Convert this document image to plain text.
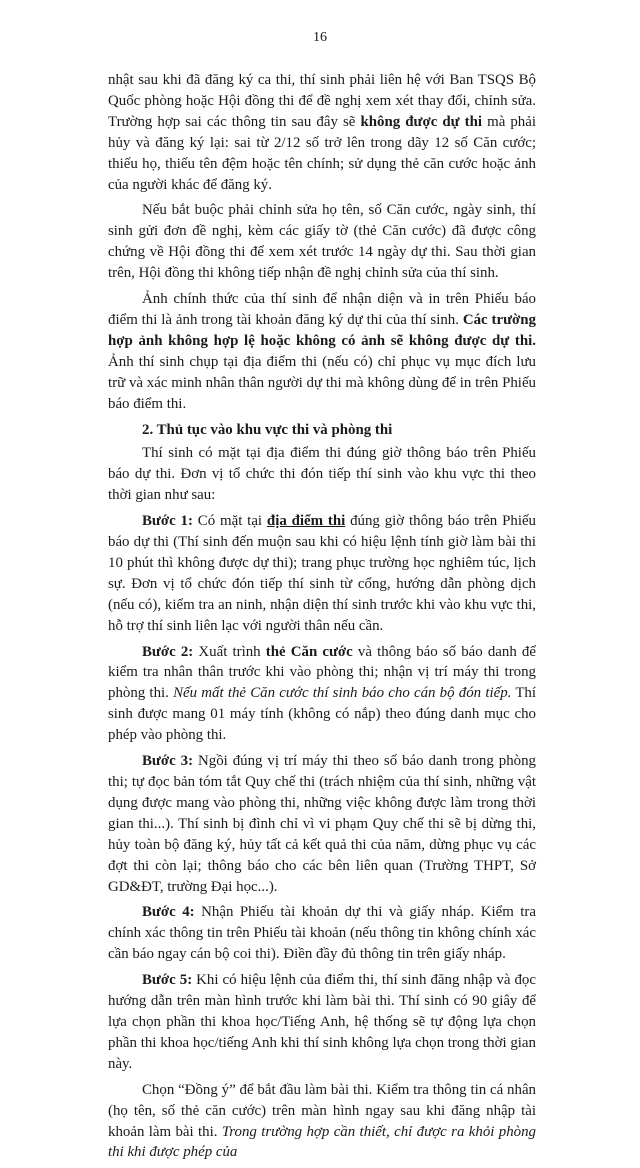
16

nhật sau khi đã đăng ký ca thi, thí sinh phải liên hệ với Ban TSQS Bộ Quốc phòng hoặc Hội đồng thi để đề nghị xem xét thay đổi, chỉnh sửa. Trường hợp sai các thông tin sau đây sẽ không được dự thi mà phải hủy và đăng ký lại: sai từ 2/12 số trở lên trong dãy 12 số Căn cước; thiếu họ, thiếu tên đệm hoặc tên chính; sử dụng thẻ căn cước hoặc ảnh của người khác để đăng ký.

Nếu bắt buộc phải chỉnh sửa họ tên, số Căn cước, ngày sinh, thí sinh gửi đơn đề nghị, kèm các giấy tờ (thẻ Căn cước) đã được công chứng về Hội đồng thi để xem xét trước 14 ngày dự thi. Sau thời gian trên, Hội đồng thi không tiếp nhận đề nghị chỉnh sửa của thí sinh.

Ảnh chính thức của thí sinh để nhận diện và in trên Phiếu báo điểm thi là ảnh trong tài khoản đăng ký dự thi của thí sinh. Các trường hợp ảnh không hợp lệ hoặc không có ảnh sẽ không được dự thi. Ảnh thí sinh chụp tại địa điểm thi (nếu có) chỉ phục vụ mục đích lưu trữ và xác minh nhân thân người dự thi mà không dùng để in trên Phiếu báo điểm thi.

2. Thủ tục vào khu vực thi và phòng thi

Thí sinh có mặt tại địa điểm thi đúng giờ thông báo trên Phiếu báo dự thi. Đơn vị tổ chức thi đón tiếp thí sinh vào khu vực thi theo thời gian như sau:

Bước 1: Có mặt tại địa điểm thi đúng giờ thông báo trên Phiếu báo dự thi (Thí sinh đến muộn sau khi có hiệu lệnh tính giờ làm bài thi 10 phút thì không được dự thi); trang phục trường học nghiêm túc, lịch sự. Đơn vị tổ chức đón tiếp thí sinh từ cổng, hướng dẫn phòng dịch (nếu có), kiểm tra an ninh, nhận diện thí sinh trước khi vào khu vực thi, hỗ trợ thí sinh liên lạc với người thân nếu cần.

Bước 2: Xuất trình thẻ Căn cước và thông báo số báo danh để kiểm tra nhân thân trước khi vào phòng thi; nhận vị trí máy thi trong phòng thi. Nếu mất thẻ Căn cước thí sinh báo cho cán bộ đón tiếp. Thí sinh được mang 01 máy tính (không có nắp) theo đúng danh mục cho phép vào phòng thi.

Bước 3: Ngồi đúng vị trí máy thi theo số báo danh trong phòng thi; tự đọc bản tóm tắt Quy chế thi (trách nhiệm của thí sinh, những vật dụng được mang vào phòng thi, những việc không được làm trong thời gian thi...). Thí sinh bị đình chỉ vì vi phạm Quy chế thi sẽ bị dừng thi, hủy toàn bộ đăng ký, hủy tất cả kết quả thi của năm, dừng phục vụ các đợt thi còn lại; thông báo cho các bên liên quan (Trường THPT, Sở GD&ĐT, trường Đại học...).

Bước 4: Nhận Phiếu tài khoản dự thi và giấy nháp. Kiểm tra chính xác thông tin trên Phiếu tài khoản (nếu thông tin không chính xác cần báo ngay cán bộ coi thi). Điền đầy đủ thông tin trên giấy nháp.

Bước 5: Khi có hiệu lệnh của điểm thi, thí sinh đăng nhập và đọc hướng dẫn trên màn hình trước khi làm bài thi. Thí sinh có 90 giây để lựa chọn phần thi khoa học/Tiếng Anh, hệ thống sẽ tự động lựa chọn phần thi khoa học/tiếng Anh khi thí sinh không lựa chọn trong thời gian này.

Chọn “Đồng ý” để bắt đầu làm bài thi. Kiểm tra thông tin cá nhân (họ tên, số thẻ căn cước) trên màn hình ngay sau khi đăng nhập tài khoản làm bài thi. Trong trường hợp cần thiết, chỉ được ra khỏi phòng thi khi được phép của
